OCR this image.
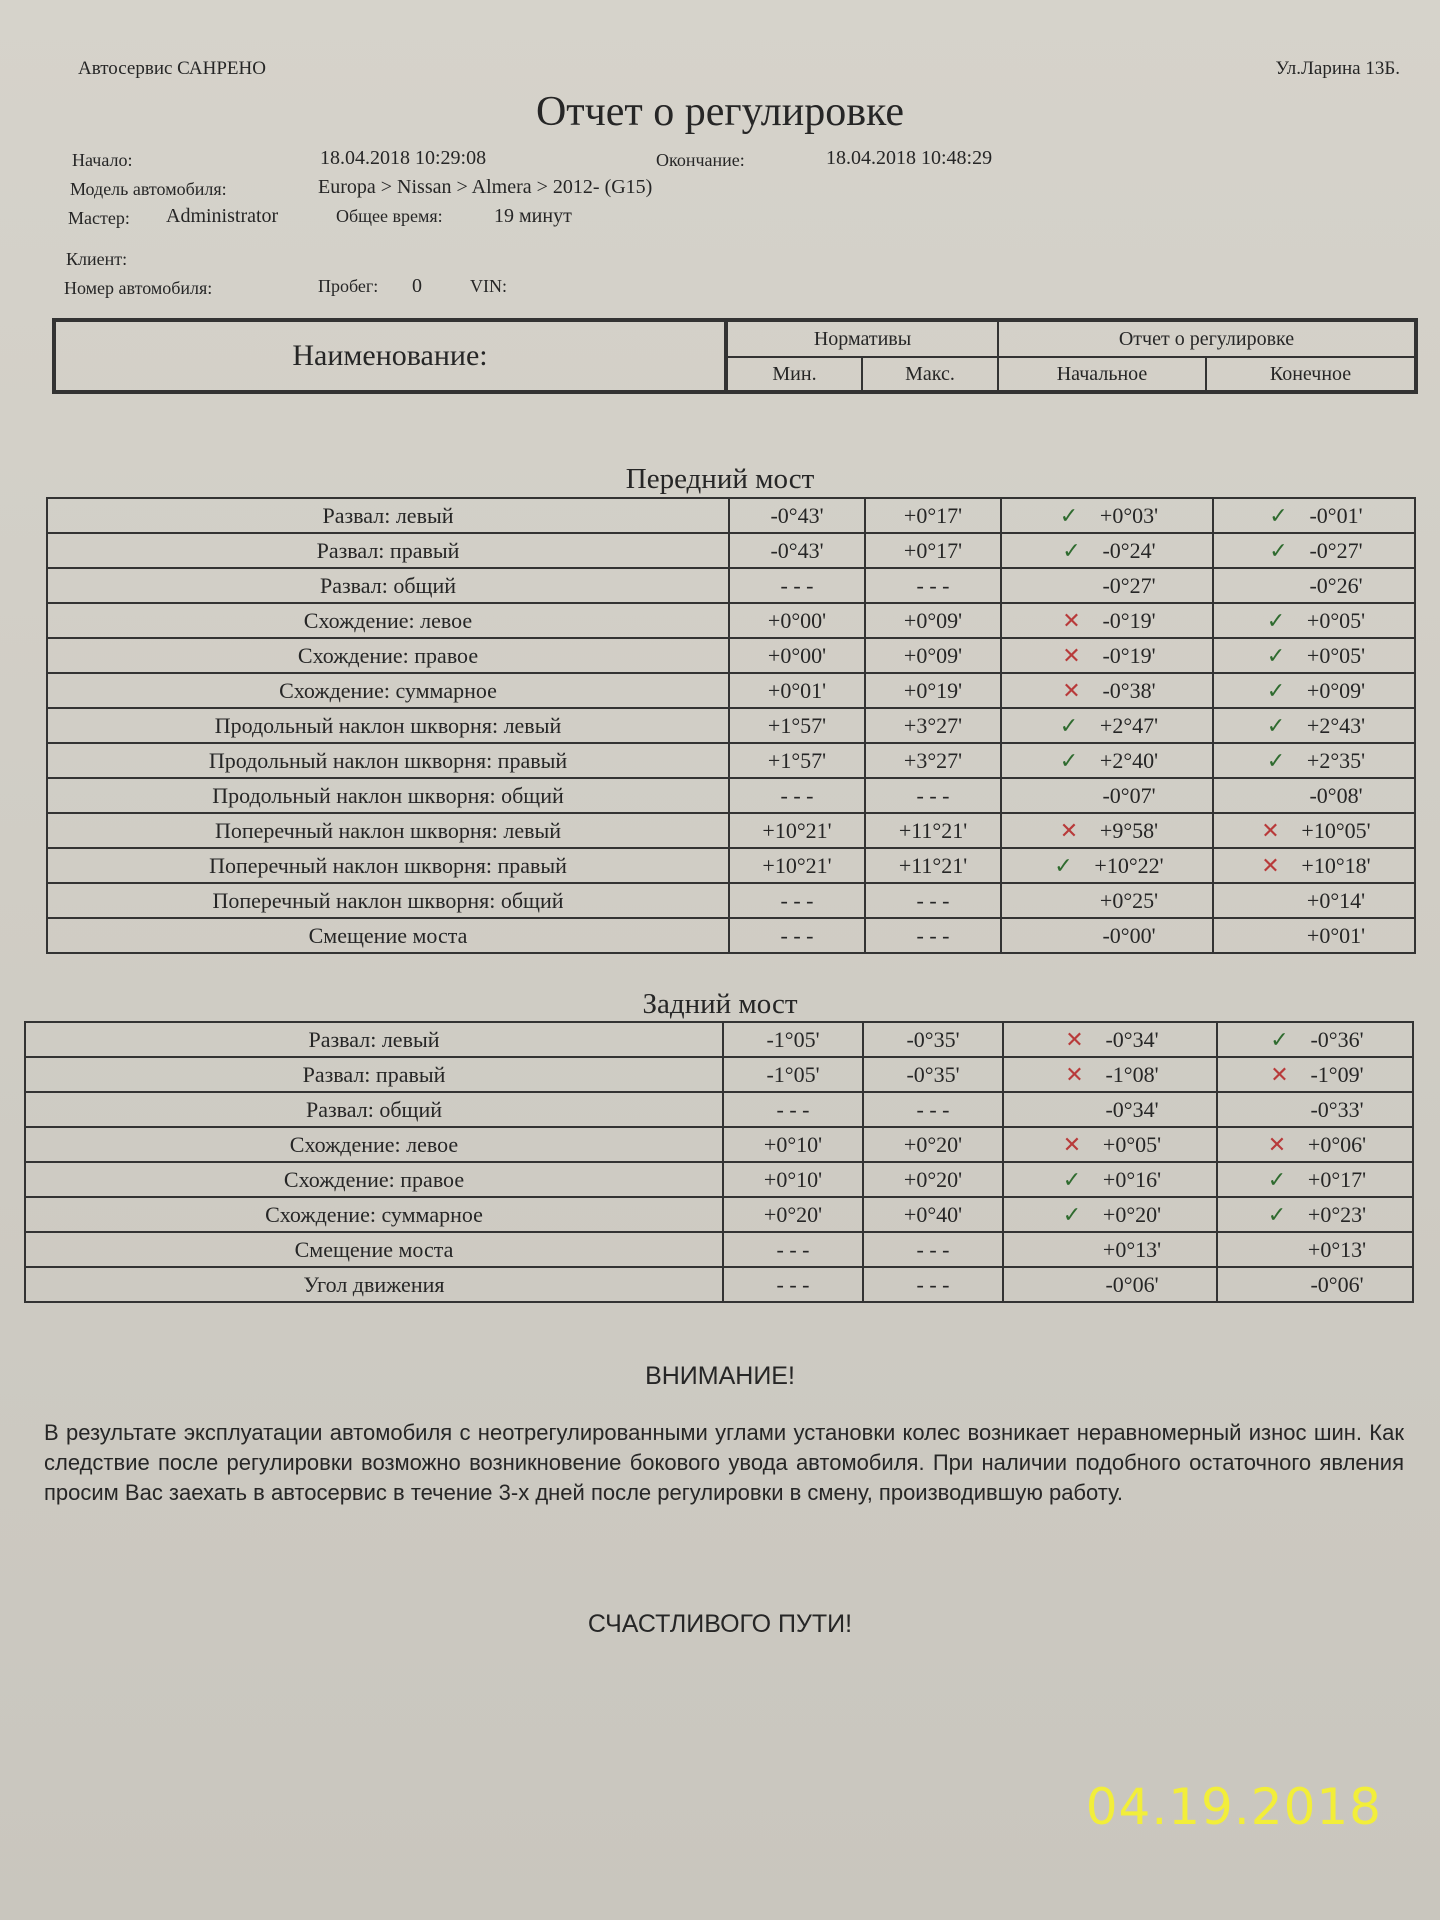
Автосервис САНРЕНО	Ул.Ларина 13Б.
Отчет о регулировке
Начало:	18.04.2018 10:29:08	Окончание:	18.04.2018 10:48:29
Модель автомобиля:	Europa > Nissan > Almera > 2012- (G15)
Мастер: Administrator	Общее время:	19 минут
Клиент:
Номер автомобиля:	Пробег: 0	VIN:
Наименование:	Нормативы		Отчет о регулировке	
	Мин.	Макс.	Начальное	Конечное
Передний мост
Развал: левый	-0°43'	+0°17'	✓ +0°03'	✓ -0°01'
Развал: правый	-0°43'	+0°17'	✓ -0°24'	✓ -0°27'
Развал: общий	- - -	- - -	-0°27'	-0°26'
Схождение: левое	+0°00'	+0°09'	✕ -0°19'	✓ +0°05'
Схождение: правое	+0°00'	+0°09'	✕ -0°19'	✓ +0°05'
Схождение: суммарное	+0°01'	+0°19'	✕ -0°38'	✓ +0°09'
Продольный наклон шкворня: левый	+1°57'	+3°27'	✓ +2°47'	✓ +2°43'
Продольный наклон шкворня: правый	+1°57'	+3°27'	✓ +2°40'	✓ +2°35'
Продольный наклон шкворня: общий	- - -	- - -	-0°07'	-0°08'
Поперечный наклон шкворня: левый	+10°21'	+11°21'	✕ +9°58'	✕ +10°05'
Поперечный наклон шкворня: правый	+10°21'	+11°21'	✓ +10°22'	✕ +10°18'
Поперечный наклон шкворня: общий	- - -	- - -	+0°25'	+0°14'
Смещение моста	- - -	- - -	-0°00'	+0°01'
Задний мост
Развал: левый	-1°05'	-0°35'	✕ -0°34'	✓ -0°36'
Развал: правый	-1°05'	-0°35'	✕ -1°08'	✕ -1°09'
Развал: общий	- - -	- - -	-0°34'	-0°33'
Схождение: левое	+0°10'	+0°20'	✕ +0°05'	✕ +0°06'
Схождение: правое	+0°10'	+0°20'	✓ +0°16'	✓ +0°17'
Схождение: суммарное	+0°20'	+0°40'	✓ +0°20'	✓ +0°23'
Смещение моста	- - -	- - -	+0°13'	+0°13'
Угол движения	- - -	- - -	-0°06'	-0°06'
ВНИМАНИЕ!
В результате эксплуатации автомобиля с неотрегулированными углами установки колес возникает неравномерный износ шин. Как следствие после регулировки возможно возникновение бокового увода автомобиля. При наличии подобного остаточного явления просим Вас заехать в автосервис в течение 3-х дней после регулировки в смену, производившую работу.
СЧАСТЛИВОГО ПУТИ!
04.19.2018
